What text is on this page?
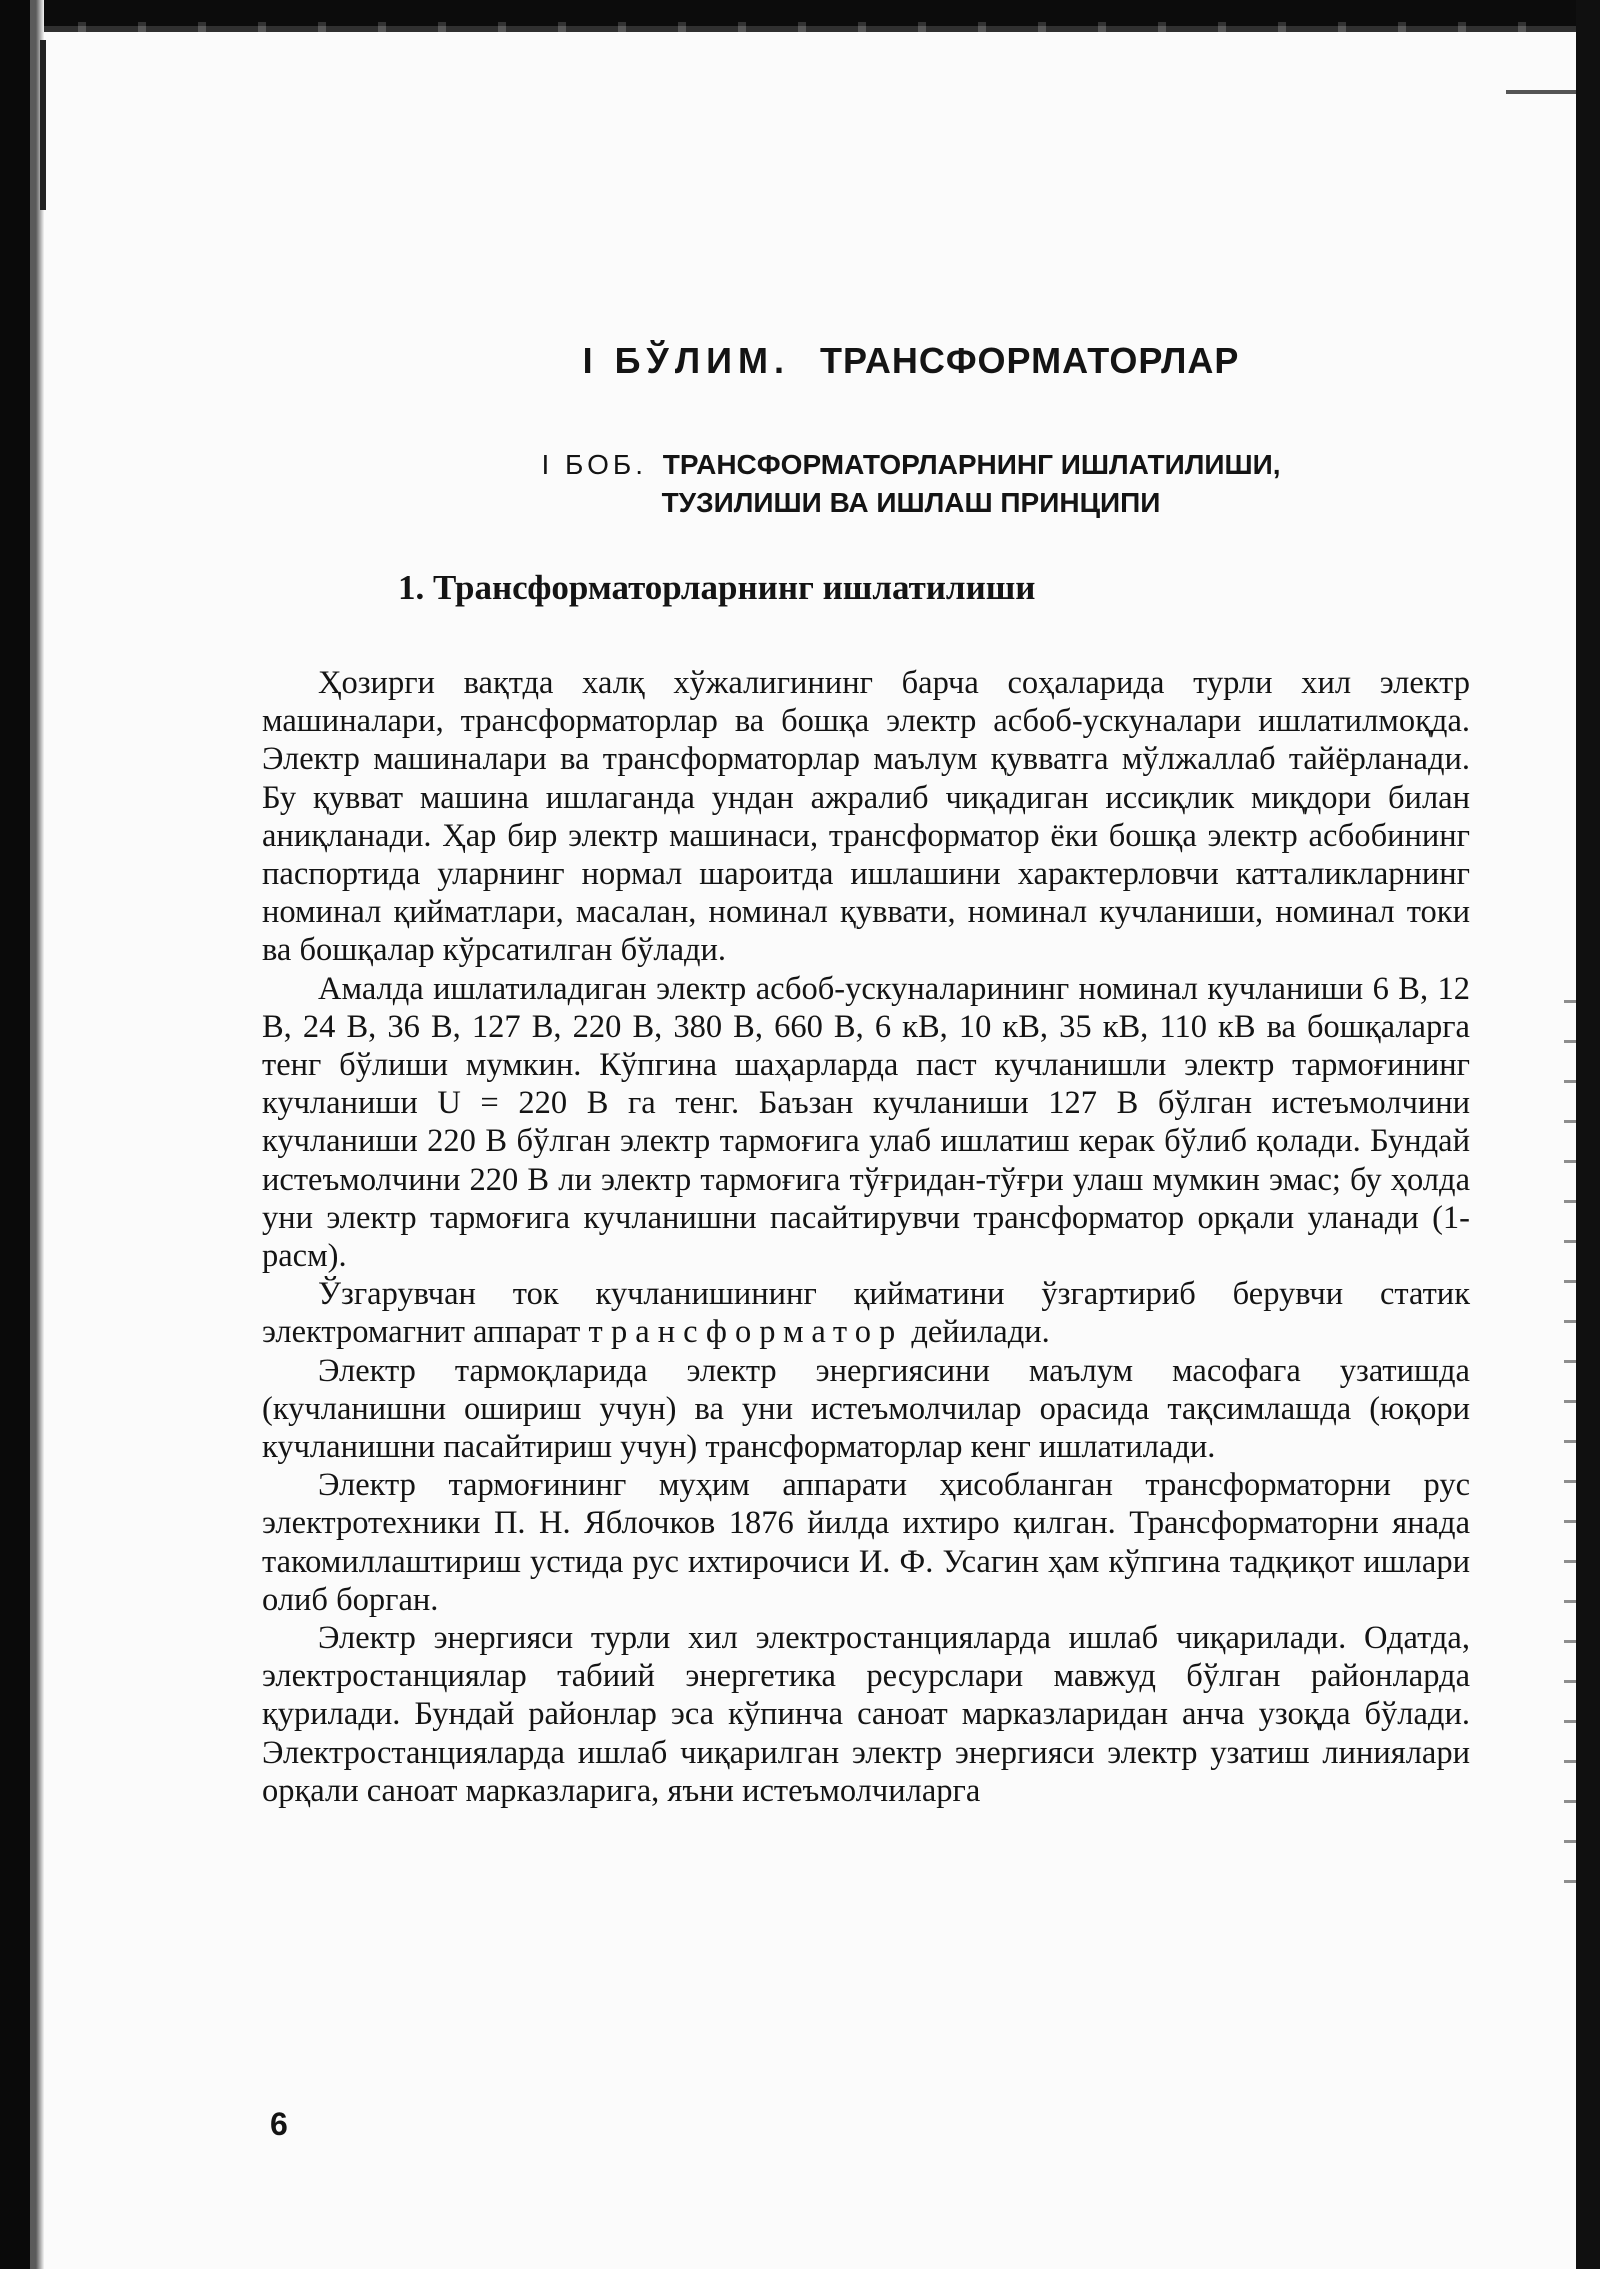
I БЎЛИМ. ТРАНСФОРМАТОРЛАР
I БОБ. ТРАНСФОРМАТОРЛАРНИНГ ИШЛАТИЛИШИ,
ТУЗИЛИШИ ВА ИШЛАШ ПРИНЦИПИ
1. Трансформаторларнинг ишлатилиши

Ҳозирги вақтда халқ хўжалигининг барча соҳаларида турли хил электр машиналари, трансформаторлар ва бошқа электр асбоб-ускуналари ишлатилмоқда. Электр машиналари ва трансформаторлар маълум қувватга мўлжаллаб тайёрланади. Бу қувват машина ишлаганда ундан ажралиб чиқадиган иссиқлик миқдори билан аниқланади. Ҳар бир электр машинаси, трансформатор ёки бошқа электр асбобининг паспортида уларнинг нормал шароитда ишлашини характерловчи катталикларнинг номинал қийматлари, масалан, номинал қуввати, номинал кучланиши, номинал токи ва бошқалар кўрсатилган бўлади.

Амалда ишлатиладиган электр асбоб-ускуналарининг номинал кучланиши 6 В, 12 В, 24 В, 36 В, 127 В, 220 В, 380 В, 660 В, 6 кВ, 10 кВ, 35 кВ, 110 кВ ва бошқаларга тенг бўлиши мумкин. Кўпгина шаҳарларда паст кучланишли электр тармоғининг кучланиши U = 220 В га тенг. Баъзан кучланиши 127 В бўлган истеъмолчини кучланиши 220 В бўлган электр тармоғига улаб ишлатиш керак бўлиб қолади. Бундай истеъмолчини 220 В ли электр тармоғига тўғридан-тўғри улаш мумкин эмас; бу ҳолда уни электр тармоғига кучланишни пасайтирувчи трансформатор орқали уланади (1-расм).

Ўзгарувчан ток кучланишининг қийматини ўзгартириб берувчи статик электромагнит аппарат трансформатор дейилади.

Электр тармоқларида электр энергиясини маълум масофага узатишда (кучланишни ошириш учун) ва уни истеъмолчилар орасида тақсимлашда (юқори кучланишни пасайтириш учун) трансформаторлар кенг ишлатилади.

Электр тармоғининг муҳим аппарати ҳисобланган трансформаторни рус электротехники П. Н. Яблочков 1876 йилда ихтиро қилган. Трансформаторни янада такомиллаштириш устида рус ихтирочиси И. Ф. Усагин ҳам кўпгина тадқиқот ишлари олиб борган.

Электр энергияси турли хил электростанцияларда ишлаб чиқарилади. Одатда, электростанциялар табиий энергетика ресурслари мавжуд бўлган районларда қурилади. Бундай районлар эса кўпинча саноат марказларидан анча узоқда бўлади. Электростанцияларда ишлаб чиқарилган электр энергияси электр узатиш линиялари орқали саноат марказларига, яъни истеъмолчиларга

6
